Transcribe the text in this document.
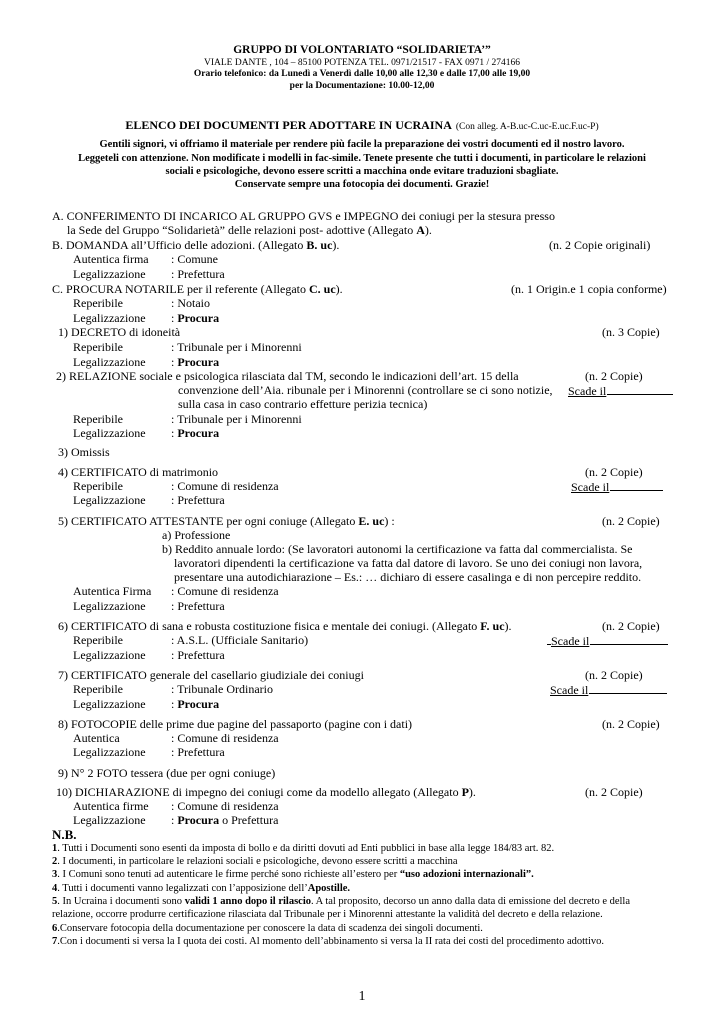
GRUPPO DI VOLONTARIATO “SOLIDARIETA’”
VIALE DANTE , 104 – 85100 POTENZA TEL. 0971/21517 - FAX 0971 / 274166
Orario telefonico: da Lunedì a Venerdì dalle 10,00 alle 12,30 e dalle 17,00 alle 19,00
per la Documentazione: 10.00-12,00
ELENCO DEI DOCUMENTI PER ADOTTARE IN UCRAINA (Con alleg. A-B.uc-C.uc-E.uc.F.uc-P)
Gentili signori, vi offriamo il materiale per rendere più facile la preparazione dei vostri documenti ed il nostro lavoro.
Leggeteli con attenzione. Non modificate i modelli in fac-simile. Tenete presente che tutti i documenti, in particolare le relazioni
sociali e psicologiche, devono essere scritti a macchina onde evitare traduzioni sbagliate.
Conservate sempre una fotocopia dei documenti. Grazie!
A. CONFERIMENTO DI INCARICO AL GRUPPO GVS e IMPEGNO dei coniugi per la stesura presso
la Sede del Gruppo “Solidarietà” delle relazioni post- adottive (Allegato A).
B. DOMANDA all’Ufficio delle adozioni. (Allegato B. uc).	(n. 2 Copie originali)
Autentica firma : Comune
Legalizzazione : Prefettura
C. PROCURA NOTARILE per il referente (Allegato C. uc).	(n. 1 Origin.e 1 copia conforme)
Reperibile	: Notaio
Legalizzazione : Procura
1) DECRETO di idoneità	(n. 3 Copie)
Reperibile	: Tribunale per i Minorenni
Legalizzazione : Procura
2) RELAZIONE sociale e psicologica rilasciata dal TM, secondo le indicazioni dell’art. 15 della	(n. 2 Copie)
convenzione dell’Aia. ribunale per i Minorenni (controllare se ci sono notizie, Scade il
sulla casa in caso contrario effetture perizia tecnica)
Reperibile	: Tribunale per i Minorenni
Legalizzazione : Procura
3) Omissis
4) CERTIFICATO di matrimonio	(n. 2 Copie)
Reperibile	: Comune di residenza	Scade il
Legalizzazione : Prefettura
5) CERTIFICATO ATTESTANTE per ogni coniuge (Allegato E. uc) :	(n. 2 Copie)
a) Professione
b) Reddito annuale lordo: (Se lavoratori autonomi la certificazione va fatta dal commercialista. Se
lavoratori dipendenti la certificazione va fatta dal datore di lavoro. Se uno dei coniugi non lavora,
presentare una autodichiarazione – Es.: … dichiaro di essere casalinga e di non percepire reddito.
Autentica Firma : Comune di residenza
Legalizzazione : Prefettura
6) CERTIFICATO di sana e robusta costituzione fisica e mentale dei coniugi. (Allegato F. uc).	(n. 2 Copie)
Reperibile	: A.S.L. (Ufficiale Sanitario)	Scade il
Legalizzazione : Prefettura
7) CERTIFICATO generale del casellario giudiziale dei coniugi	(n. 2 Copie)
Reperibile	: Tribunale Ordinario	Scade il
Legalizzazione : Procura
8) FOTOCOPIE delle prime due pagine del passaporto (pagine con i dati)	(n. 2 Copie)
Autentica	: Comune di residenza
Legalizzazione : Prefettura
9) N° 2 FOTO tessera (due per ogni coniuge)
10) DICHIARAZIONE di impegno dei coniugi come da modello allegato (Allegato P).	(n. 2 Copie)
Autentica firme : Comune di residenza
Legalizzazione : Procura o Prefettura
N.B.
1. Tutti i Documenti sono esenti da imposta di bollo e da diritti dovuti ad Enti pubblici in base alla legge 184/83 art. 82.
2. I documenti, in particolare le relazioni sociali e psicologiche, devono essere scritti a macchina
3. I Comuni sono tenuti ad autenticare le firme perché sono richieste all’estero per “uso adozioni internazionali”.
4. Tutti i documenti vanno legalizzati con l’apposizione dell’Apostille.
5. In Ucraina i documenti sono validi 1 anno dopo il rilascio. A tal proposito, decorso un anno dalla data di emissione del decreto e della
relazione, occorre produrre certificazione rilasciata dal Tribunale per i Minorenni attestante la validità del decreto e della relazione.
6.Conservare fotocopia della documentazione per conoscere la data di scadenza dei singoli documenti.
7.Con i documenti si versa la I quota dei costi. Al momento dell’abbinamento si versa la II rata dei costi del procedimento adottivo.
1
